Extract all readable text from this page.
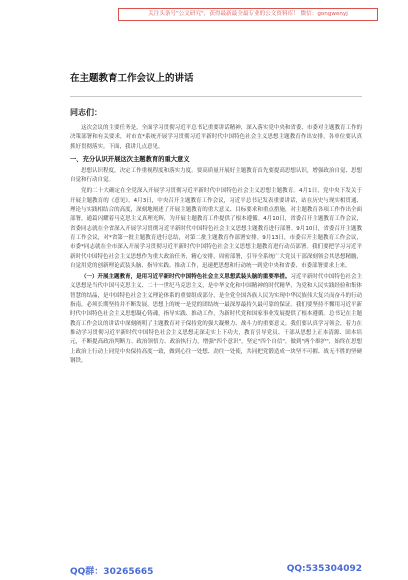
关注头条号"公文研究"，获得最新最全最专业的公文资料库！ 微信：gongwenyj
在主题教育工作会议上的讲话
同志们：

这次会议的主要任务是，全面学习贯彻习近平总书记重要讲话精神，深入落实党中央和省委、市委对主题教育工作的决策部署和有关要求，对市直*系统开展学习贯彻习近平新时代中国特色社会主义思想主题教育作出安排，各单位要认真抓好贯彻落实。下面，我讲几点意见。

一、充分认识开展这次主题教育的重大意义

思想认识程度，决定工作重视程度和落实力度。要高质量开展好主题教育首先要提高思想认识，增强政治自觉、思想自觉和行动自觉。

党的二十大确定在全党深入开展学习贯彻习近平新时代中国特色社会主义思想主题教育。4月1日，党中央下发关于开展主题教育的《意见》。4月3日，中央召开主题教育工作会议，习近平总书记发表重要讲话，站在历史与现实相贯通、理论与实践相结合的高度，深刻地阐述了开展主题教育的重大意义、目标要求和重点措施，对主题教育各项工作作出全面部署，通篇闪耀着马克思主义真理光辉，为开展主题教育工作提供了根本遵循。4月10日，省委召开主题教育工作会议，省委同志就在全省深入开展学习贯彻习近平新时代中国特色社会主义思想主题教育进行部署。9月10日，省委召开主题教育工作会议，对*省第一批主题教育进行总结，对第二批主题教育作部署安排。9月13日，市委召开主题教育工作会议，市委*同志就在全市深入开展学习贯彻习近平新时代中国特色社会主义思想主题教育进行动员部署。我们要把学习习近平新时代中国特色社会主义思想作为重大政治任务，精心安排，周密部署，引导全系统广大党员干部深刻领会其思想精髓，自觉用党的创新理论武装头脑、指导实践、推动工作，迅速把思想和行动统一到党中央和省委、市委部署要求上来。

（一）开展主题教育，是用习近平新时代中国特色社会主义思想武装头脑的重要举措。习近平新时代中国特色社会主义思想是当代中国马克思主义、二十一世纪马克思主义，是中华文化和中国精神的时代精华，为党和人民实践经验和集体智慧的结晶，是中国特色社会主义理论体系的重要组成部分，是全党全国各族人民为实现中华民族伟大复兴而奋斗的行动指南，必须长期坚持并不断发展。思想上的统一是党的团结统一最深厚最持久最可靠的保证。我们要坚持不懈用习近平新时代中国特色社会主义思想凝心铸魂，指导实践、推动工作，为新时代党和国家事业发展提供了根本遵循。总书记在主题教育工作会议的讲话中深刻阐明了主题教育对于保持党的强大凝聚力、战斗力的重要意义。我们要认真学习领会，着力在推动学习贯彻习近平新时代中国特色社会主义思想走深走实上下功夫，教育引导党员、干部从思想上正本清源、固本培元，不断提高政治判断力、政治领悟力、政治执行力，增强"四个意识"，坚定"四个自信"，做到"两个维护"，始终在思想上政治上行动上同党中央保持高度一致，做到心往一处想、劲往一处使，共同把党锻造成一块坚不可摧、战无不胜的坚硬钢铁。

QQ群：30265665	QQ:535304092
